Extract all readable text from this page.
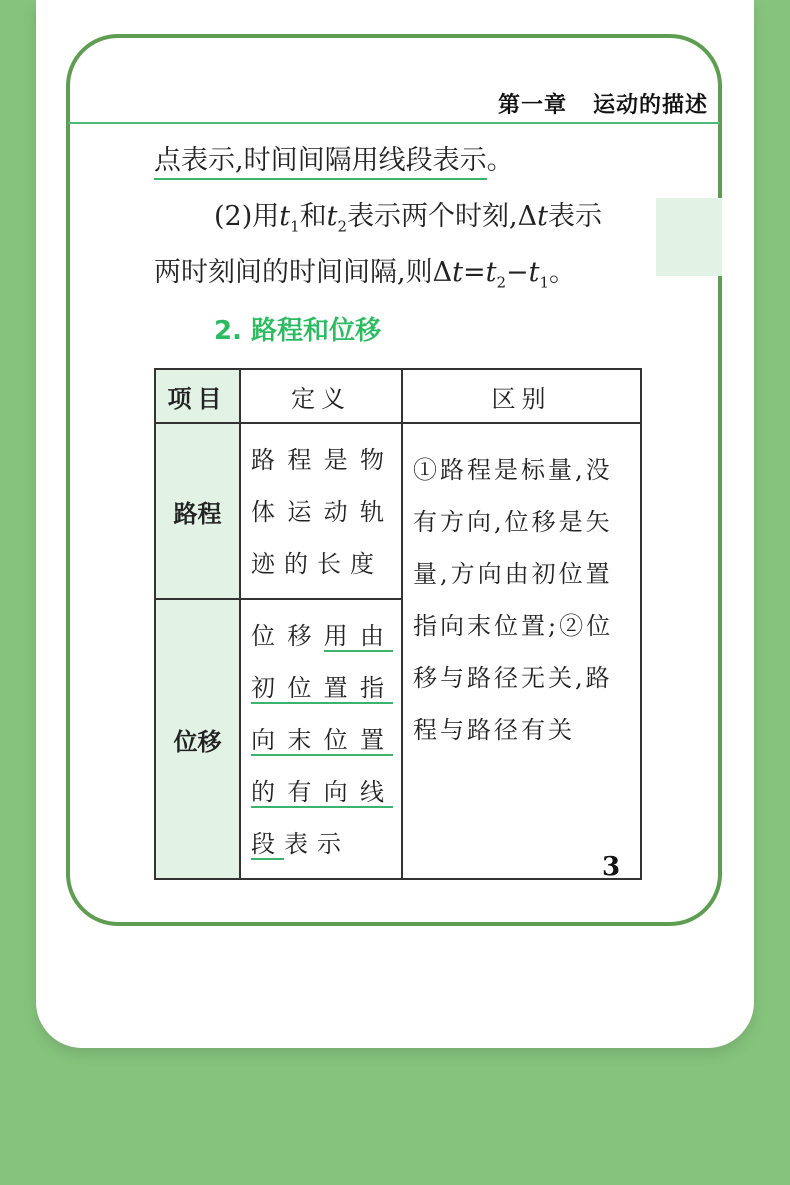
第一章   运动的描述
点表示,时间间隔用线段表示。
(2)用$t_1$和$t_2$表示两个时刻,Δt表示
两时刻间的时间间隔,则$\Delta t=t_2-t_1$。
2. 路程和位移
项目	定义	区别
路程	路程是物体运动轨迹的长度	①路程是标量,没有方向,位移是矢量,方向由初位置指向末位置;②位移与路径无关,路程与路径有关
位移	位移用由初位置指向末位置的有向线段表示	
3
